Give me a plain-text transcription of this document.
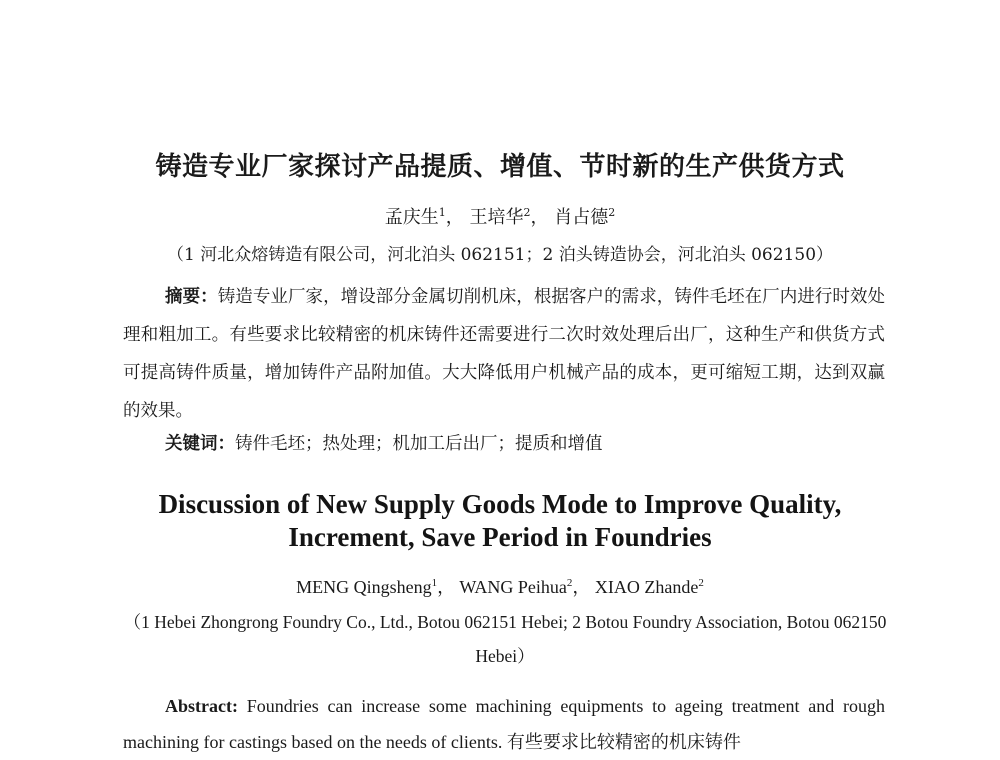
铸造专业厂家探讨产品提质、增值、节时新的生产供货方式
孟庆生$^1$， 王培华$^2$， 肖占德$^2$
（1 河北众熔铸造有限公司，河北泊头 062151；2 泊头铸造协会，河北泊头 062150）
摘要：铸造专业厂家，增设部分金属切削机床，根据客户的需求，铸件毛坯在厂内进行时效处理和粗加工。有些要求比较精密的机床铸件还需要进行二次时效处理后出厂，这种生产和供货方式可提高铸件质量，增加铸件产品附加值。大大降低用户机械产品的成本，更可缩短工期，达到双赢的效果。
关键词：铸件毛坯；热处理；机加工后出厂；提质和增值
Discussion of New Supply Goods Mode to Improve Quality,
Increment, Save Period in Foundries
MENG Qingsheng$^1$， WANG Peihua$^2$， XIAO Zhande$^2$
（1 Hebei Zhongrong Foundry Co., Ltd., Botou 062151 Hebei; 2 Botou Foundry Association, Botou 062150 Hebei）
Abstract: Foundries can increase some machining equipments to ageing treatment and rough machining for castings based on the needs of clients. 有些要求比较精密的机床铸件
